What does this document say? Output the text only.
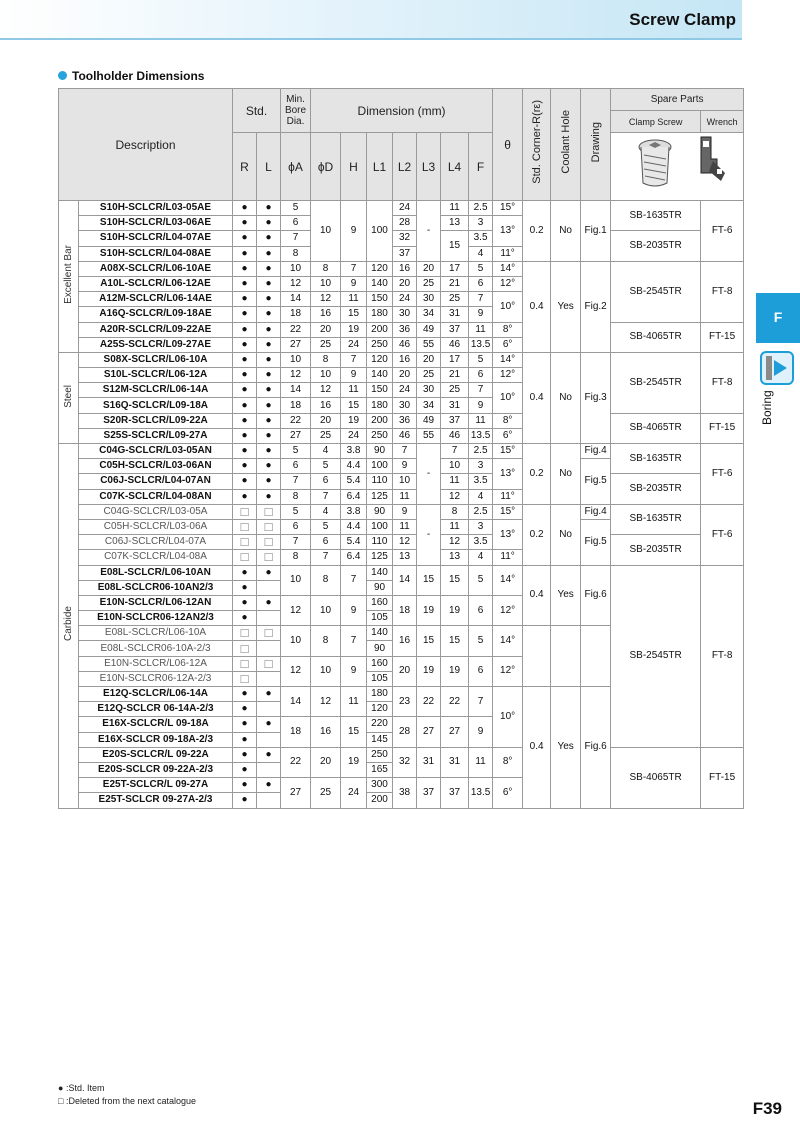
Screw Clamp
Toolholder Dimensions
Description		Std.		Min. Bore Dia.	Dimension (mm)							θ	Std. Corner-R(rε)	Coolant Hole	Drawing	Spare Parts	
																Clamp Screw	Wrench
		R	L	ϕA	ϕD	H	L1	L2	L3	L4	F	

Excellent Bar	S10H-SCLCR/L03-05AE	●	●	5	10	9	100	24	-	11	2.5	15°	0.2	No	Fig.1	SB-1635TR	FT-6
	S10H-SCLCR/L03-06AE	●	●	6				28		13	3	13°					
	S10H-SCLCR/L04-07AE	●	●	7				32		15	3.5					SB-2035TR	
	S10H-SCLCR/L04-08AE	●	●	8				37			4	11°					
	A08X-SCLCR/L06-10AE	●	●	10	8	7	120	16	20	17	5	14°	0.4	Yes	Fig.2	SB-2545TR	FT-8
	A10L-SCLCR/L06-12AE	●	●	12	10	9	140	20	25	21	6	12°					
	A12M-SCLCR/L06-14AE	●	●	14	12	11	150	24	30	25	7	10°					
	A16Q-SCLCR/L09-18AE	●	●	18	16	15	180	30	34	31	9						
	A20R-SCLCR/L09-22AE	●	●	22	20	19	200	36	49	37	11	8°				SB-4065TR	FT-15
	A25S-SCLCR/L09-27AE	●	●	27	25	24	250	46	55	46	13.5	6°					
Steel	S08X-SCLCR/L06-10A	●	●	10	8	7	120	16	20	17	5	14°	0.4	No	Fig.3	SB-2545TR	FT-8
	S10L-SCLCR/L06-12A	●	●	12	10	9	140	20	25	21	6	12°					
	S12M-SCLCR/L06-14A	●	●	14	12	11	150	24	30	25	7	10°					
	S16Q-SCLCR/L09-18A	●	●	18	16	15	180	30	34	31	9						
	S20R-SCLCR/L09-22A	●	●	22	20	19	200	36	49	37	11	8°				SB-4065TR	FT-15
	S25S-SCLCR/L09-27A	●	●	27	25	24	250	46	55	46	13.5	6°					
Carbide	C04G-SCLCR/L03-05AN	●	●	5	4	3.8	90	7	-	7	2.5	15°	0.2	No	Fig.4	SB-1635TR	FT-6
	C05H-SCLCR/L03-06AN	●	●	6	5	4.4	100	9		10	3	13°			Fig.5		
	C06J-SCLCR/L04-07AN	●	●	7	6	5.4	110	10		11	3.5					SB-2035TR	
	C07K-SCLCR/L04-08AN	●	●	8	7	6.4	125	11		12	4	11°					
	C04G-SCLCR/L03-05A	□	□	5	4	3.8	90	9	-	8	2.5	15°	0.2	No	Fig.4	SB-1635TR	FT-6
	C05H-SCLCR/L03-06A	□	□	6	5	4.4	100	11		11	3	13°			Fig.5		
	C06J-SCLCR/L04-07A	□	□	7	6	5.4	110	12		12	3.5					SB-2035TR	
	C07K-SCLCR/L04-08A	□	□	8	7	6.4	125	13		13	4	11°					
	E08L-SCLCR/L06-10AN	●	●	10	8	7	140	14	15	15	5	14°	0.4	Yes	Fig.6	SB-2545TR	FT-8
	E08L-SCLCR06-10AN2/3	●					90										
	E10N-SCLCR/L06-12AN	●	●	12	10	9	160	18	19	19	6	12°					
	E10N-SCLCR06-12AN2/3	●					105										
	E08L-SCLCR/L06-10A	□	□	10	8	7	140	16	15	15	5	14°					
	E08L-SCLCR06-10A-2/3	□					90										
	E10N-SCLCR/L06-12A	□	□	12	10	9	160	20	19	19	6	12°					
	E10N-SCLCR06-12A-2/3	□					105										
	E12Q-SCLCR/L06-14A	●	●	14	12	11	180	23	22	22	7	10°	0.4	Yes	Fig.6		
	E12Q-SCLCR 06-14A-2/3	●					120										
	E16X-SCLCR/L 09-18A	●	●	18	16	15	220	28	27	27	9						
	E16X-SCLCR 09-18A-2/3	●					145										
	E20S-SCLCR/L 09-22A	●	●	22	20	19	250	32	31	31	11	8°				SB-4065TR	FT-15
	E20S-SCLCR 09-22A-2/3	●					165										
	E25T-SCLCR/L 09-27A	●	●	27	25	24	300	38	37	37	13.5	6°					
	E25T-SCLCR 09-27A-2/3	●					200										
F
Boring
● :Std. Item
□ :Deleted from the next catalogue	F39
